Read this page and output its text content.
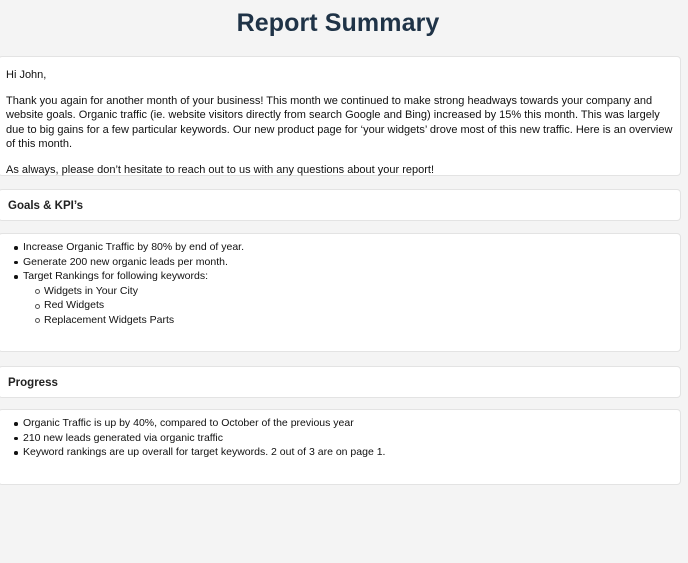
Report Summary

Hi John,

Thank you again for another month of your business! This month we continued to make strong headways towards your company and website goals. Organic traffic (ie. website visitors directly from search Google and Bing) increased by 15% this month. This was largely due to big gains for a few particular keywords. Our new product page for ‘your widgets’ drove most of this new traffic. Here is an overview of this month.

As always, please don’t hesitate to reach out to us with any questions about your report!

Goals & KPI’s
Increase Organic Traffic by 80% by end of year.
Generate 200 new organic leads per month.
Target Rankings for following keywords:
Widgets in Your City
Red Widgets
Replacement Widgets Parts
Progress
Organic Traffic is up by 40%, compared to October of the previous year
210 new leads generated via organic traffic
Keyword rankings are up overall for target keywords. 2 out of 3 are on page 1.
